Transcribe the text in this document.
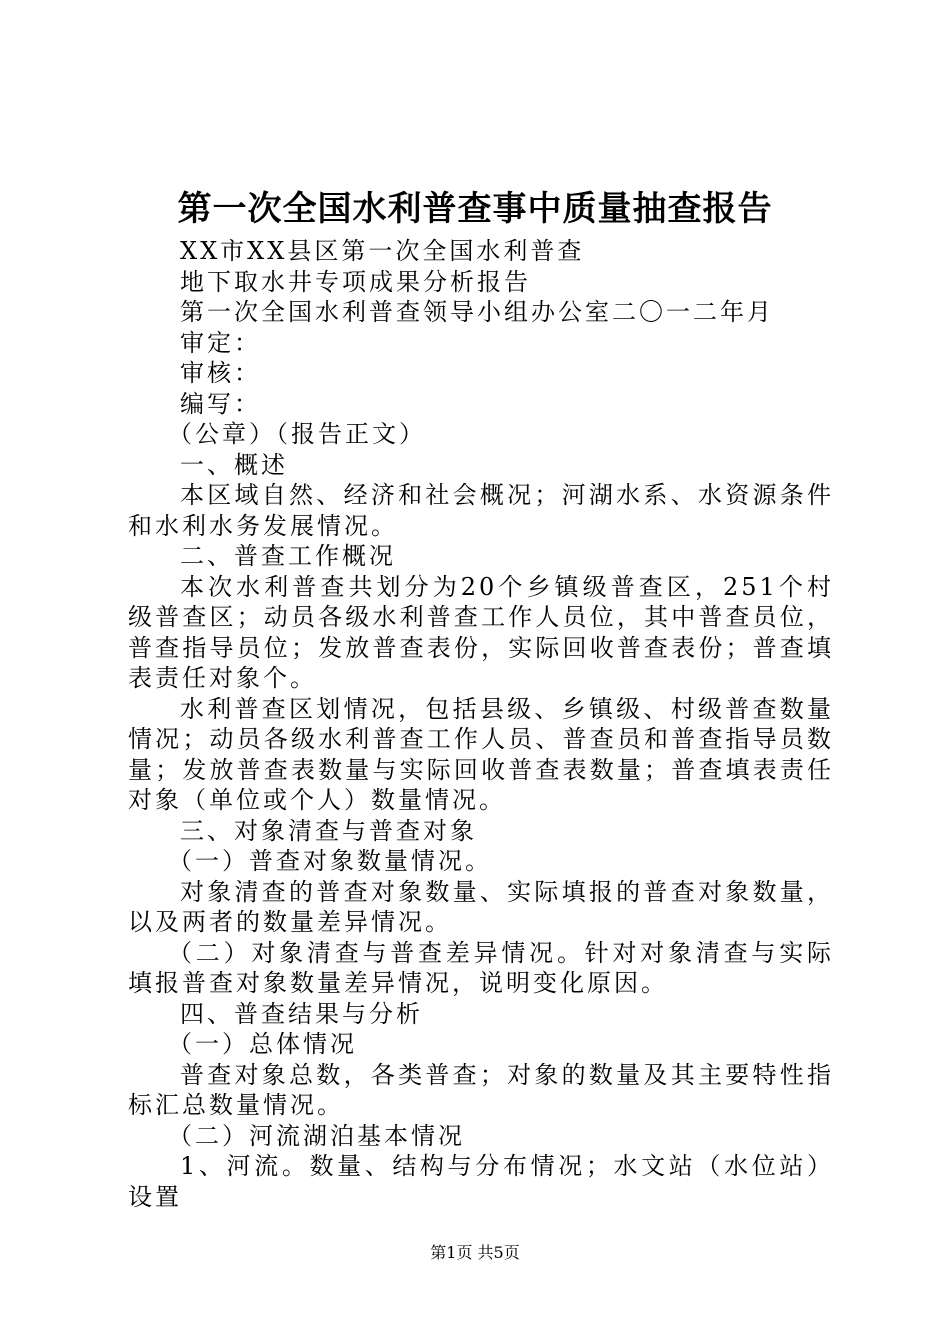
第一次全国水利普查事中质量抽查报告

XX市XX县区第一次全国水利普查

地下取水井专项成果分析报告

第一次全国水利普查领导小组办公室二〇一二年月

审定：

审核：

编写：

（公章）（报告正文）

一、概述

本区域自然、经济和社会概况；河湖水系、水资源条件和水利水务发展情况。

二、普查工作概况

本次水利普查共划分为20个乡镇级普查区，251个村级普查区；动员各级水利普查工作人员位，其中普查员位，普查指导员位；发放普查表份，实际回收普查表份；普查填表责任对象个。

水利普查区划情况，包括县级、乡镇级、村级普查数量情况；动员各级水利普查工作人员、普查员和普查指导员数量；发放普查表数量与实际回收普查表数量；普查填表责任对象（单位或个人）数量情况。

三、对象清查与普查对象

（一）普查对象数量情况。

对象清查的普查对象数量、实际填报的普查对象数量，以及两者的数量差异情况。

（二）对象清查与普查差异情况。针对对象清查与实际填报普查对象数量差异情况，说明变化原因。

四、普查结果与分析

（一）总体情况

普查对象总数，各类普查；对象的数量及其主要特性指标汇总数量情况。

（二）河流湖泊基本情况

1、河流。数量、结构与分布情况；水文站（水位站）设置

第1页 共5页
